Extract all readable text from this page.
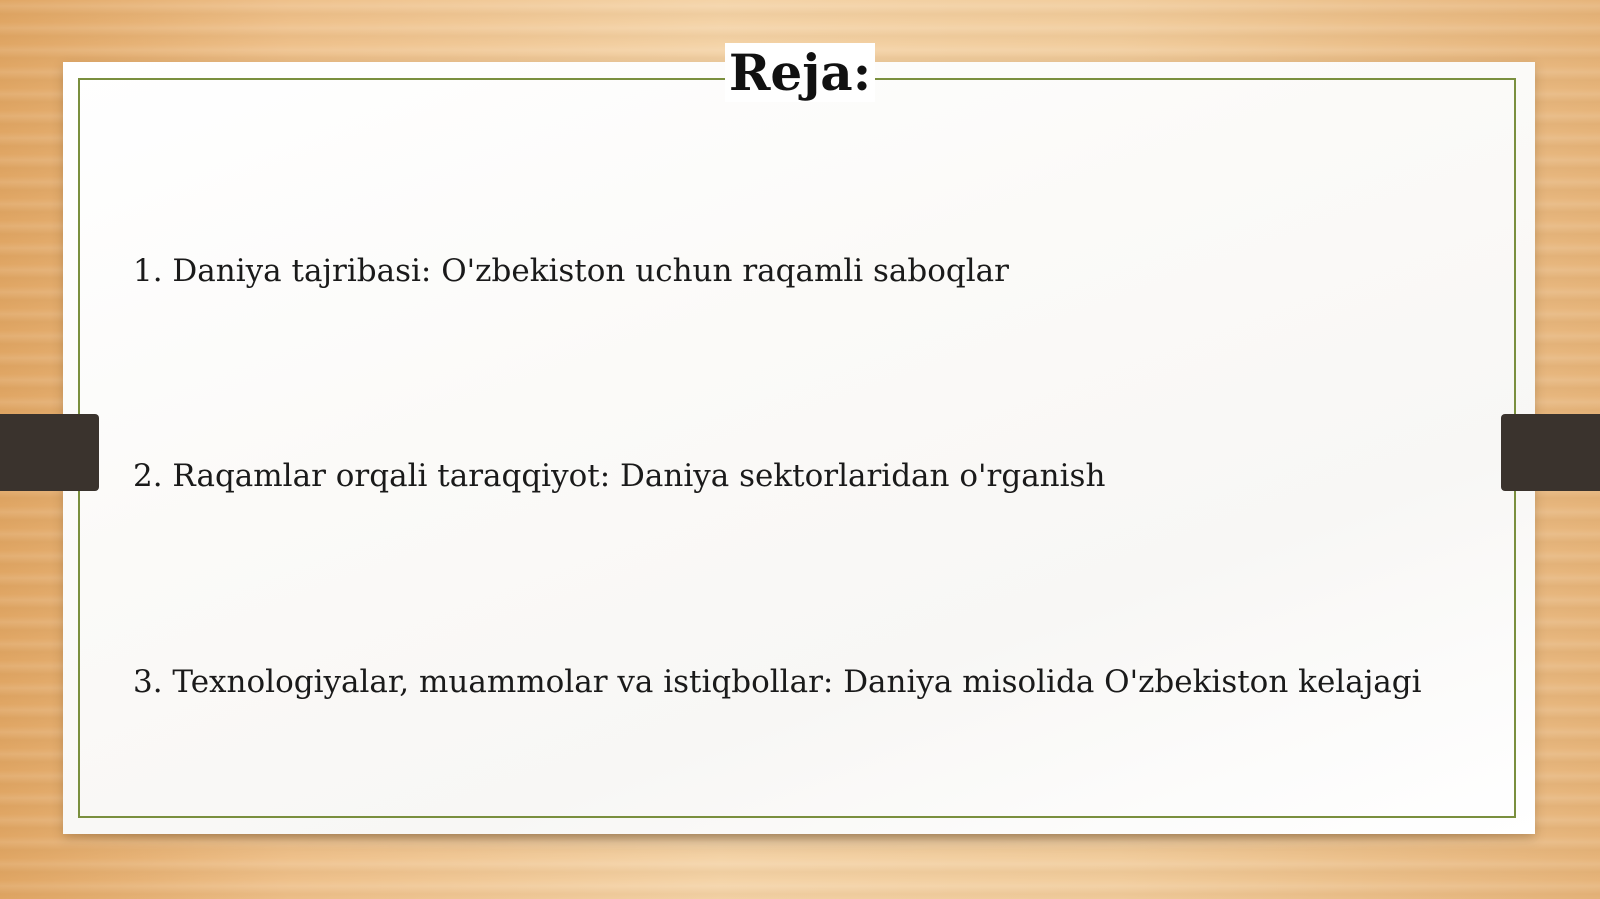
Reja:
1. Daniya tajribasi: O'zbekiston uchun raqamli saboqlar
2. Raqamlar orqali taraqqiyot: Daniya sektorlaridan o'rganish
3. Texnologiyalar, muammolar va istiqbollar: Daniya misolida O'zbekiston kelajagi
